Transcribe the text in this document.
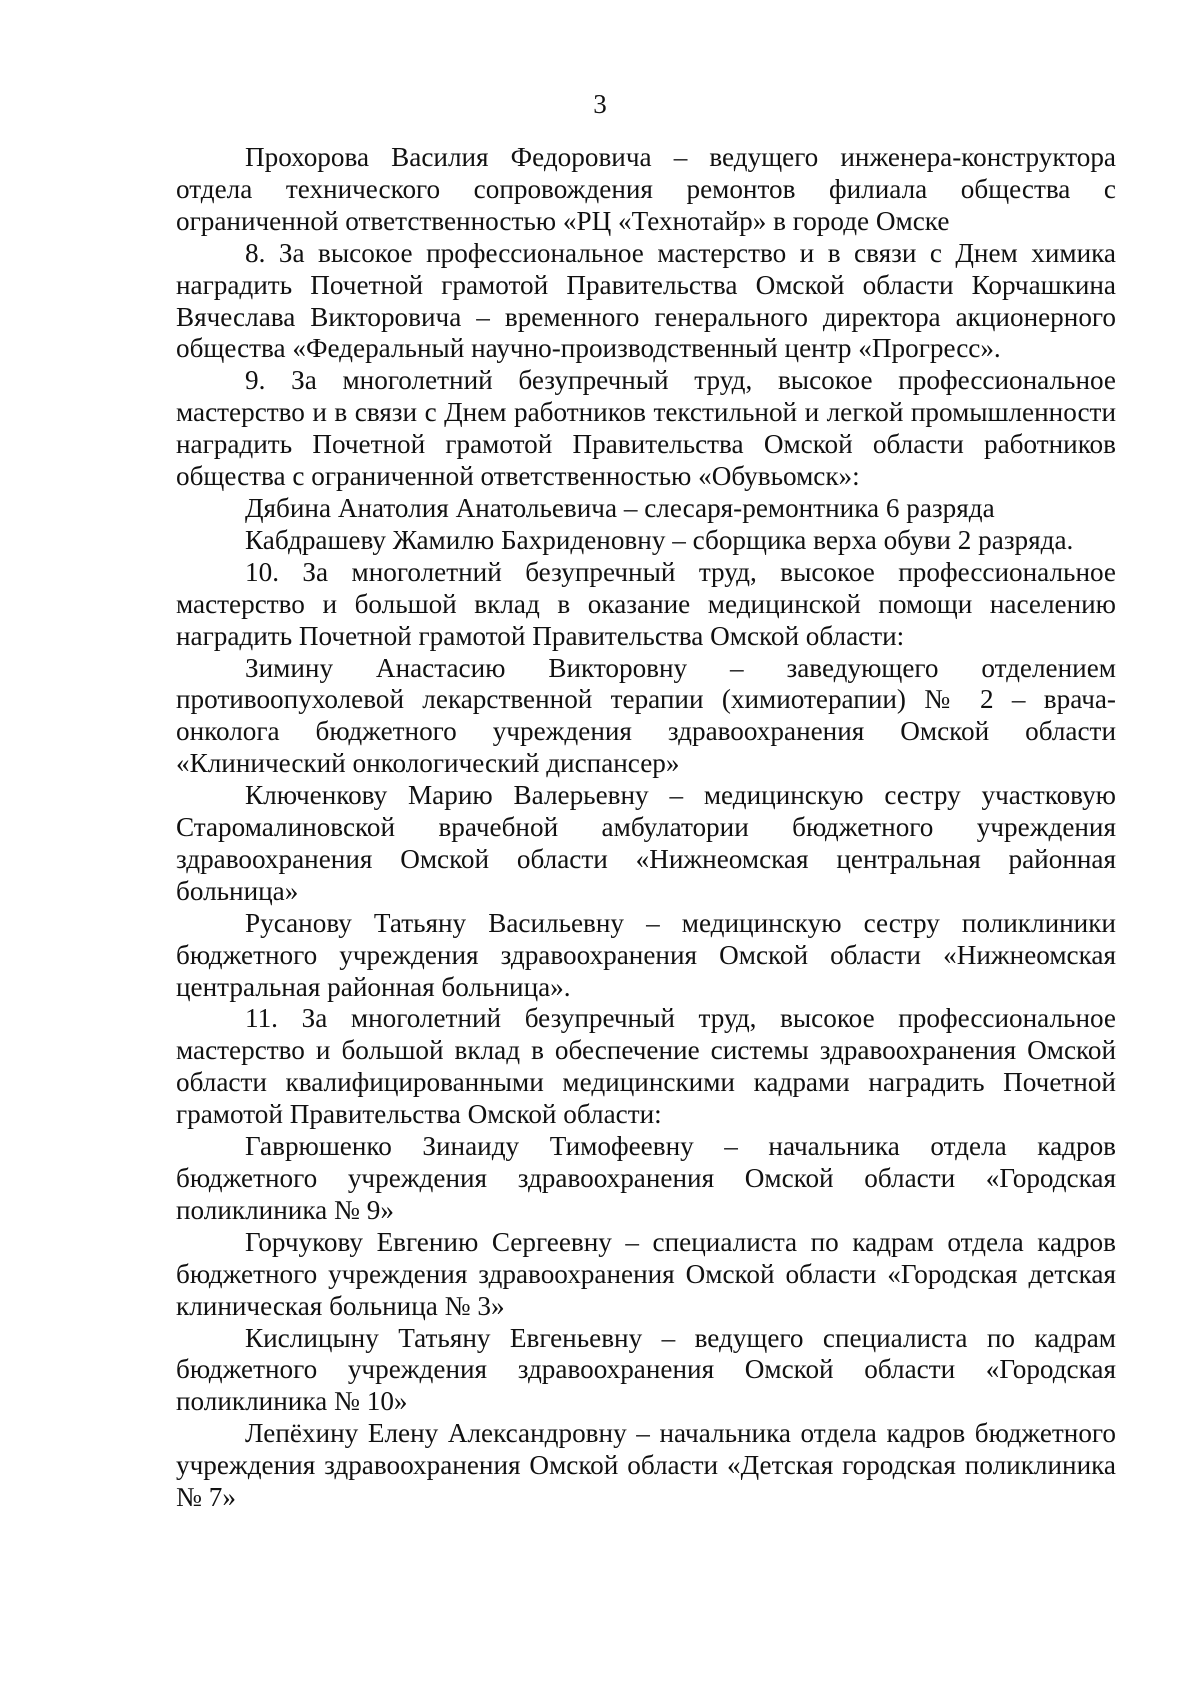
3

Прохорова Василия Федоровича – ведущего инженера-конструктора отдела технического сопровождения ремонтов филиала общества с ограниченной ответственностью «РЦ «Технотайр» в городе Омске

8. За высокое профессиональное мастерство и в связи с Днем химика наградить Почетной грамотой Правительства Омской области Корчашкина Вячеслава Викторовича – временного генерального директора акционерного общества «Федеральный научно-производственный центр «Прогресс».

9. За многолетний безупречный труд, высокое профессиональное мастерство и в связи с Днем работников текстильной и легкой промышленности наградить Почетной грамотой Правительства Омской области работников общества с ограниченной ответственностью «Обувьомск»:

Дябина Анатолия Анатольевича – слесаря-ремонтника 6 разряда

Кабдрашеву Жамилю Бахриденовну – сборщика верха обуви 2 разряда.

10. За многолетний безупречный труд, высокое профессиональное мастерство и большой вклад в оказание медицинской помощи населению наградить Почетной грамотой Правительства Омской области:

Зимину Анастасию Викторовну – заведующего отделением противоопухолевой лекарственной терапии (химиотерапии) № 2 – врача-онколога бюджетного учреждения здравоохранения Омской области «Клинический онкологический диспансер»

Ключенкову Марию Валерьевну – медицинскую сестру участковую Старомалиновской врачебной амбулатории бюджетного учреждения здравоохранения Омской области «Нижнеомская центральная районная больница»

Русанову Татьяну Васильевну – медицинскую сестру поликлиники бюджетного учреждения здравоохранения Омской области «Нижнеомская центральная районная больница».

11. За многолетний безупречный труд, высокое профессиональное мастерство и большой вклад в обеспечение системы здравоохранения Омской области квалифицированными медицинскими кадрами наградить Почетной грамотой Правительства Омской области:

Гаврюшенко Зинаиду Тимофеевну – начальника отдела кадров бюджетного учреждения здравоохранения Омской области «Городская поликлиника № 9»

Горчукову Евгению Сергеевну – специалиста по кадрам отдела кадров бюджетного учреждения здравоохранения Омской области «Городская детская клиническая больница № 3»

Кислицыну Татьяну Евгеньевну – ведущего специалиста по кадрам бюджетного учреждения здравоохранения Омской области «Городская поликлиника № 10»

Лепёхину Елену Александровну – начальника отдела кадров бюджетного учреждения здравоохранения Омской области «Детская городская поликлиника № 7»
